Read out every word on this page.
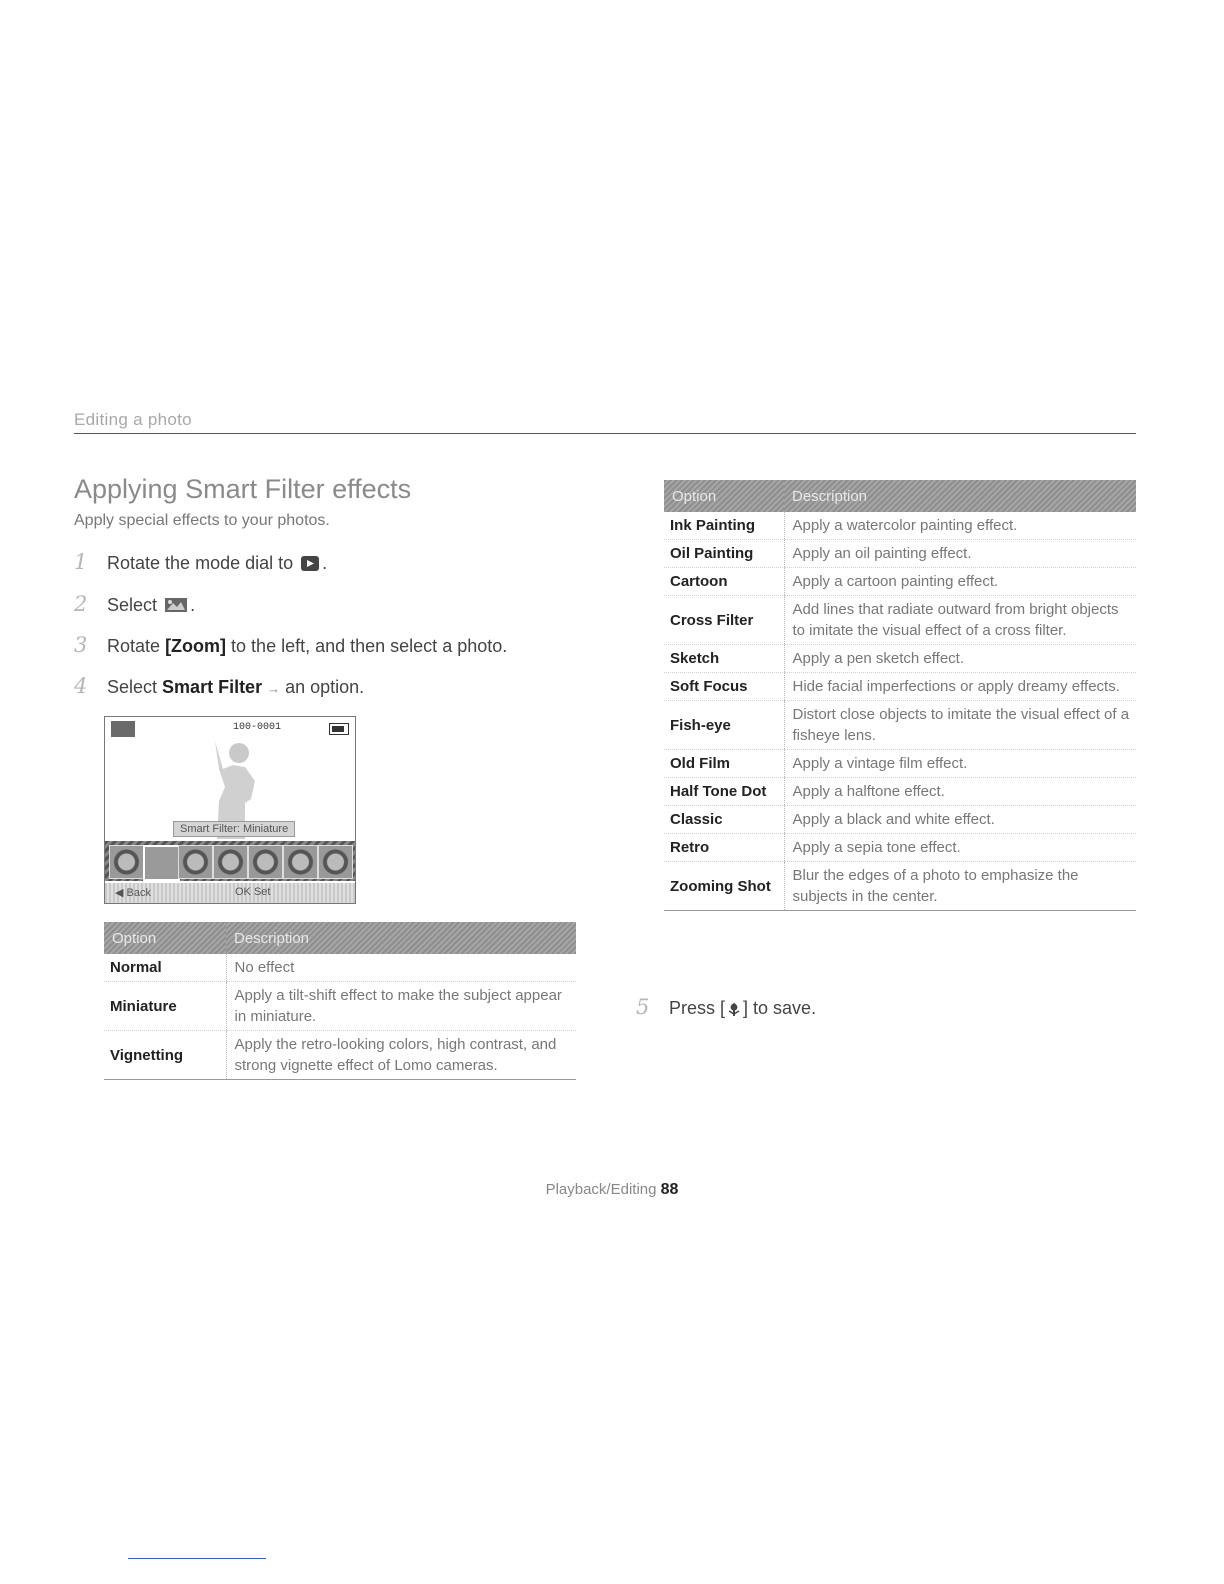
Editing a photo
Applying Smart Filter effects
Apply special effects to your photos.
1 Rotate the mode dial to .
2 Select .
3 Rotate [Zoom] to the left, and then select a photo.
4 Select Smart Filter → an option.
100-0001
Smart Filter: Miniature
◀ Back	OK Set
Option	Description
Normal	No effect
Miniature	Apply a tilt-shift effect to make the subject appear in miniature.
Vignetting	Apply the retro-looking colors, high contrast, and strong vignette effect of Lomo cameras.
Option	Description
Ink Painting	Apply a watercolor painting effect.
Oil Painting	Apply an oil painting effect.
Cartoon	Apply a cartoon painting effect.
Cross Filter	Add lines that radiate outward from bright objects to imitate the visual effect of a cross filter.
Sketch	Apply a pen sketch effect.
Soft Focus	Hide facial imperfections or apply dreamy effects.
Fish-eye	Distort close objects to imitate the visual effect of a fisheye lens.
Old Film	Apply a vintage film effect.
Half Tone Dot	Apply a halftone effect.
Classic	Apply a black and white effect.
Retro	Apply a sepia tone effect.
Zooming Shot	Blur the edges of a photo to emphasize the subjects in the center.
5 Press [ ] to save.
Playback/Editing 88
